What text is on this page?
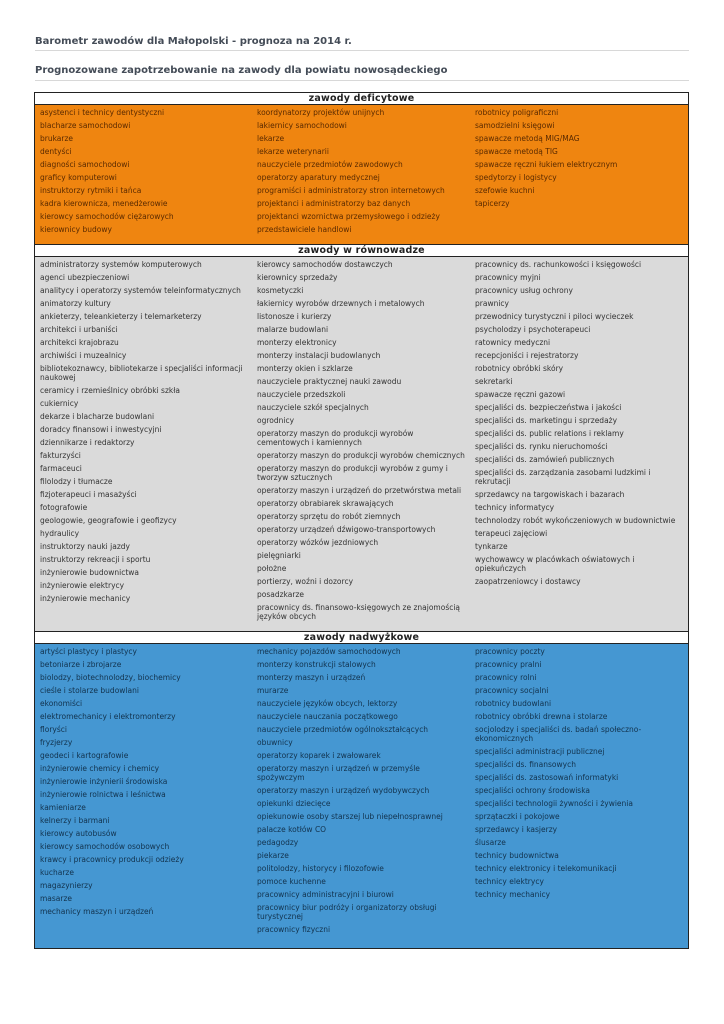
Barometr zawodów dla Małopolski - prognoza na 2014 r.
Prognozowane zapotrzebowanie na zawody dla powiatu nowosądeckiego
zawody deficytowe
asystenci i technicy dentystyczni
blacharze samochodowi
brukarze
dentyści
diagności samochodowi
graficy komputerowi
instruktorzy rytmiki i tańca
kadra kierownicza, menedżerowie
kierowcy samochodów ciężarowych
kierownicy budowy
koordynatorzy projektów unijnych
lakiernicy samochodowi
lekarze
lekarze weterynarii
nauczyciele przedmiotów zawodowych
operatorzy aparatury medycznej
programiści i administratorzy stron internetowych
projektanci i administratorzy baz danych
projektanci wzornictwa przemysłowego i odzieży
przedstawiciele handlowi
robotnicy poligraficzni
samodzielni księgowi
spawacze metodą MIG/MAG
spawacze metodą TIG
spawacze ręczni łukiem elektrycznym
spedytorzy i logistycy
szefowie kuchni
tapicerzy
zawody w równowadze
administratorzy systemów komputerowych
agenci ubezpieczeniowi
analitycy i operatorzy systemów teleinformatycznych
animatorzy kultury
ankieterzy, teleankieterzy i telemarketerzy
architekci i urbaniści
architekci krajobrazu
archiwiści i muzealnicy
bibliotekoznawcy, bibliotekarze i specjaliści informacji naukowej
ceramicy i rzemieślnicy obróbki szkła
cukiernicy
dekarze i blacharze budowlani
doradcy finansowi i inwestycyjni
dziennikarze i redaktorzy
fakturzyści
farmaceuci
filolodzy i tłumacze
fizjoterapeuci i masażyści
fotografowie
geologowie, geografowie i geofizycy
hydraulicy
instruktorzy nauki jazdy
instruktorzy rekreacji i sportu
inżynierowie budownictwa
inżynierowie elektrycy
inżynierowie mechanicy
kierowcy samochodów dostawczych
kierownicy sprzedaży
kosmetyczki
łakiernicy wyrobów drzewnych i metalowych
listonosze i kurierzy
malarze budowlani
monterzy elektronicy
monterzy instalacji budowlanych
monterzy okien i szklarze
nauczyciele praktycznej nauki zawodu
nauczyciele przedszkoli
nauczyciele szkół specjalnych
ogrodnicy
operatorzy maszyn do produkcji wyrobów cementowych i kamiennych
operatorzy maszyn do produkcji wyrobów chemicznych
operatorzy maszyn do produkcji wyrobów z gumy i tworzyw sztucznych
operatorzy maszyn i urządzeń do przetwórstwa metali
operatorzy obrabiarek skrawających
operatorzy sprzętu do robót ziemnych
operatorzy urządzeń dźwigowo-transportowych
operatorzy wózków jezdniowych
pielęgniarki
położne
portierzy, woźni i dozorcy
posadzkarze
pracownicy ds. finansowo-księgowych ze znajomością języków obcych
pracownicy ds. rachunkowości i księgowości
pracownicy myjni
pracownicy usług ochrony
prawnicy
przewodnicy turystyczni i piloci wycieczek
psycholodzy i psychoterapeuci
ratownicy medyczni
recepcjoniści i rejestratorzy
robotnicy obróbki skóry
sekretarki
spawacze ręczni gazowi
specjaliści ds. bezpieczeństwa i jakości
specjaliści ds. marketingu i sprzedaży
specjaliści ds. public relations i reklamy
specjaliści ds. rynku nieruchomości
specjaliści ds. zamówień publicznych
specjaliści ds. zarządzania zasobami ludzkimi i rekrutacji
sprzedawcy na targowiskach i bazarach
technicy informatycy
technolodzy robót wykończeniowych w budownictwie
terapeuci zajęciowi
tynkarze
wychowawcy w placówkach oświatowych i opiekuńczych
zaopatrzeniowcy i dostawcy
zawody nadwyżkowe
artyści plastycy i plastycy
betoniarze i zbrojarze
biolodzy, biotechnolodzy, biochemicy
cieśle i stolarze budowlani
ekonomiści
elektromechanicy i elektromonterzy
floryści
fryzjerzy
geodeci i kartografowie
inżynierowie chemicy i chemicy
inżynierowie inżynierii środowiska
inżynierowie rolnictwa i leśnictwa
kamieniarze
kelnerzy i barmani
kierowcy autobusów
kierowcy samochodów osobowych
krawcy i pracownicy produkcji odzieży
kucharze
magazynierzy
masarze
mechanicy maszyn i urządzeń
mechanicy pojazdów samochodowych
monterzy konstrukcji stalowych
monterzy maszyn i urządzeń
murarze
nauczyciele języków obcych, lektorzy
nauczyciele nauczania początkowego
nauczyciele przedmiotów ogólnokształcących
obuwnicy
operatorzy koparek i zwałowarek
operatorzy maszyn i urządzeń w przemyśle spożywczym
operatorzy maszyn i urządzeń wydobywczych
opiekunki dziecięce
opiekunowie osoby starszej lub niepełnosprawnej
palacze kotłów CO
pedagodzy
piekarze
politolodzy, historycy i filozofowie
pomoce kuchenne
pracownicy administracyjni i biurowi
pracownicy biur podróży i organizatorzy obsługi turystycznej
pracownicy fizyczni
pracownicy poczty
pracownicy pralni
pracownicy rolni
pracownicy socjalni
robotnicy budowlani
robotnicy obróbki drewna i stolarze
socjolodzy i specjaliści ds. badań społeczno-ekonomicznych
specjaliści administracji publicznej
specjaliści ds. finansowych
specjaliści ds. zastosowań informatyki
specjaliści ochrony środowiska
specjaliści technologii żywności i żywienia
sprzątaczki i pokojowe
sprzedawcy i kasjerzy
ślusarze
technicy budownictwa
technicy elektronicy i telekomunikacji
technicy elektrycy
technicy mechanicy
